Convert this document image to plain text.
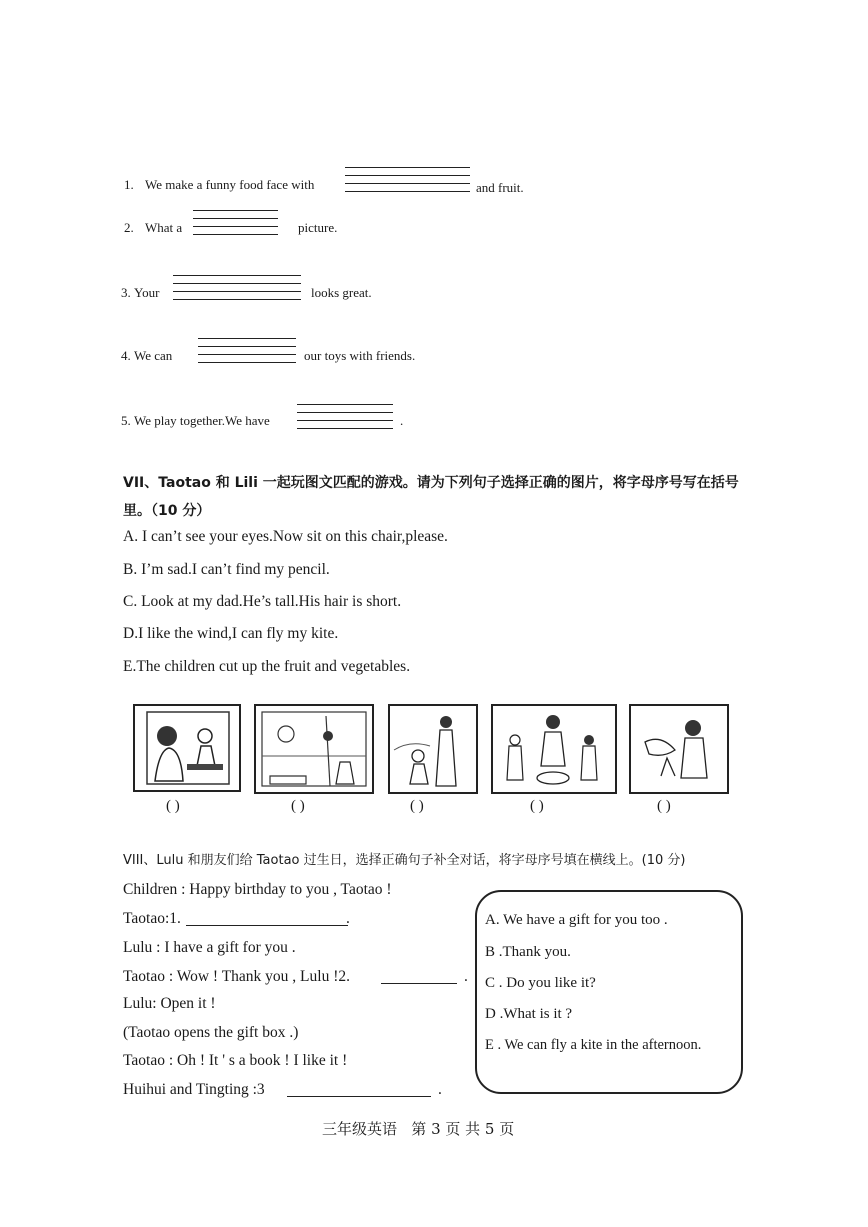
1. We make a funny food face with	and fruit.
2. What a	picture.
3. Your	looks great.
4. We can	our toys with friends.
5. We play together.We have	.
VII、Taotao 和 Lili 一起玩图文匹配的游戏。请为下列句子选择正确的图片，将字母序号写在括号
里。（10 分）
A. I can’t see your eyes.Now sit on this chair,please.
B. I’m sad.I can’t find my pencil.
C. Look at my dad.He’s tall.His hair is short.
D.I like the wind,I can fly my kite.
E.The children cut up the fruit and vegetables.
( )	( )	( )	( )	( )
VIII、Lulu 和朋友们给 Taotao 过生日，选择正确句子补全对话，将字母序号填在横线上。(10 分)
Children : Happy birthday to you , Taotao !
Taotao:1.	.
Lulu : I have a gift for you .
Taotao : Wow ! Thank you , Lulu !2.	.
Lulu: Open it !
(Taotao opens the gift box .)
Taotao : Oh ! It ' s a book ! I like it !
Huihui and Tingting :3	.
A. We have a gift for you too .
B .Thank you.
C . Do you like it?
D .What is it ?
E . We can fly a kite in the afternoon.
三年级英语   第 3 页 共 5 页
